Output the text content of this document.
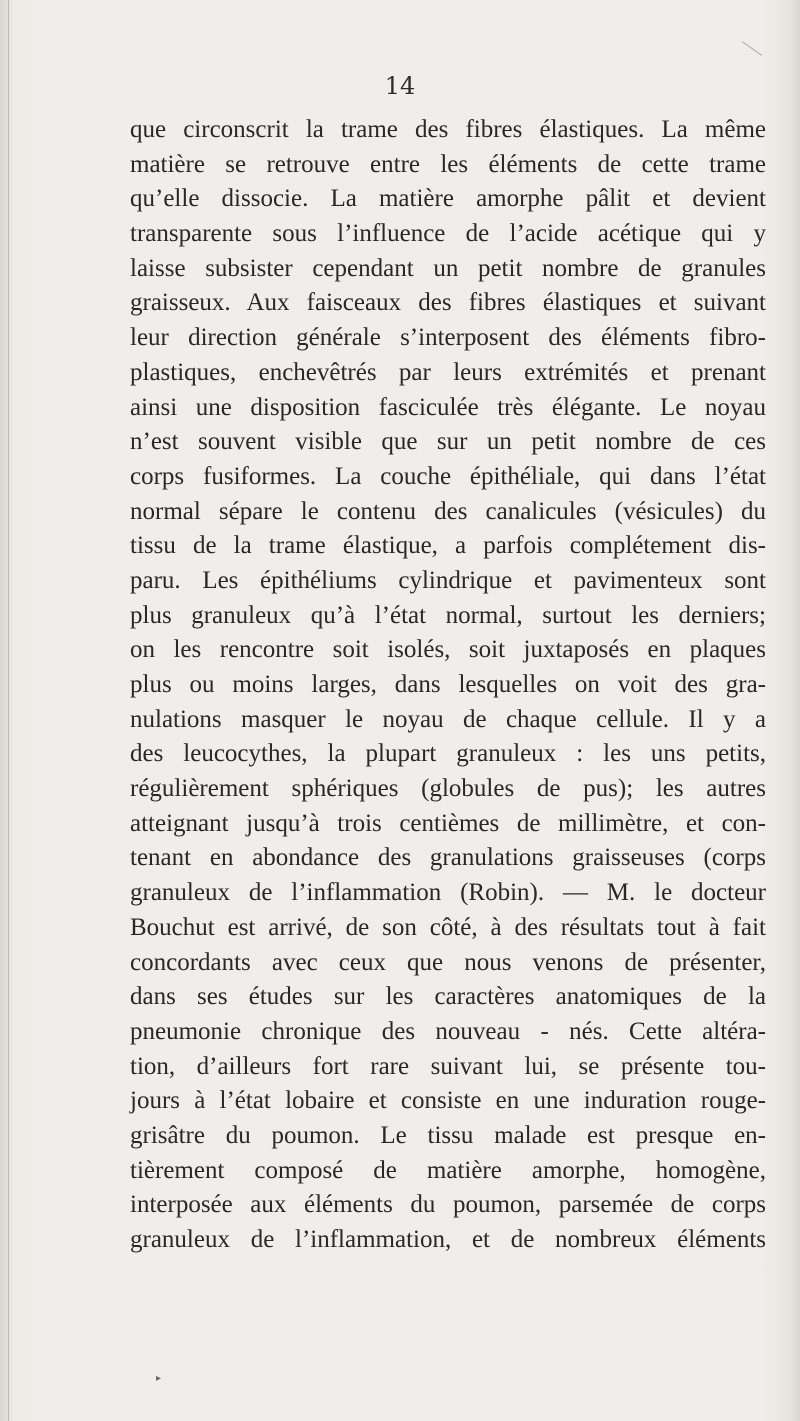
14
que circonscrit la trame des fibres élastiques. La même
matière se retrouve entre les éléments de cette trame
qu’elle dissocie. La matière amorphe pâlit et devient
transparente sous l’influence de l’acide acétique qui y
laisse subsister cependant un petit nombre de granules
graisseux. Aux faisceaux des fibres élastiques et suivant
leur direction générale s’interposent des éléments fibro-
plastiques, enchevêtrés par leurs extrémités et prenant
ainsi une disposition fasciculée très élégante. Le noyau
n’est souvent visible que sur un petit nombre de ces
corps fusiformes. La couche épithéliale, qui dans l’état
normal sépare le contenu des canalicules (vésicules) du
tissu de la trame élastique, a parfois complétement dis-
paru. Les épithéliums cylindrique et pavimenteux sont
plus granuleux qu’à l’état normal, surtout les derniers;
on les rencontre soit isolés, soit juxtaposés en plaques
plus ou moins larges, dans lesquelles on voit des gra-
nulations masquer le noyau de chaque cellule. Il y a
des leucocythes, la plupart granuleux : les uns petits,
régulièrement sphériques (globules de pus); les autres
atteignant jusqu’à trois centièmes de millimètre, et con-
tenant en abondance des granulations graisseuses (corps
granuleux de l’inflammation (Robin). — M. le docteur
Bouchut est arrivé, de son côté, à des résultats tout à fait
concordants avec ceux que nous venons de présenter,
dans ses études sur les caractères anatomiques de la
pneumonie chronique des nouveau - nés. Cette altéra-
tion, d’ailleurs fort rare suivant lui, se présente tou-
jours à l’état lobaire et consiste en une induration rouge-
grisâtre du poumon. Le tissu malade est presque en-
tièrement composé de matière amorphe, homogène,
interposée aux éléments du poumon, parsemée de corps
granuleux de l’inflammation, et de nombreux éléments
▸
